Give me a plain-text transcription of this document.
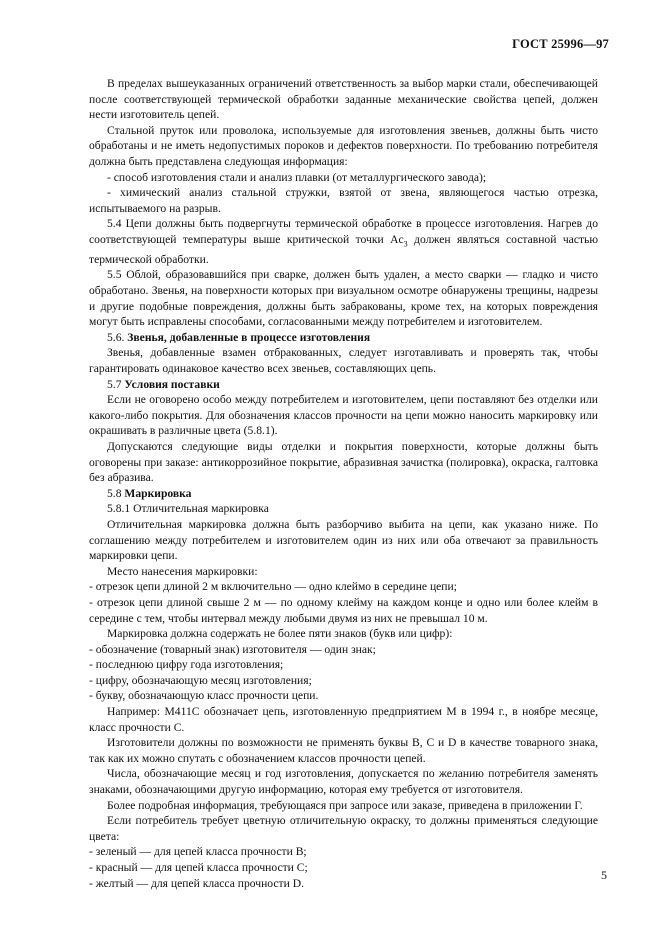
ГОСТ 25996—97

В пределах вышеуказанных ограничений ответственность за выбор марки стали, обеспечивающей после соответствующей термической обработки заданные механические свойства цепей, должен нести изготовитель цепей.

Стальной пруток или проволока, используемые для изготовления звеньев, должны быть чисто обработаны и не иметь недопустимых пороков и дефектов поверхности. По требованию потребителя должна быть представлена следующая информация:

- способ изготовления стали и анализ плавки (от металлургического завода);

- химический анализ стальной стружки, взятой от звена, являющегося частью отрезка, испытываемого на разрыв.

5.4 Цепи должны быть подвергнуты термической обработке в процессе изготовления. Нагрев до соответствующей температуры выше критической точки $Ac_3$ должен являться составной частью термической обработки.

5.5 Облой, образовавшийся при сварке, должен быть удален, а место сварки — гладко и чисто обработано. Звенья, на поверхности которых при визуальном осмотре обнаружены трещины, надрезы и другие подобные повреждения, должны быть забракованы, кроме тех, на которых повреждения могут быть исправлены способами, согласованными между потребителем и изготовителем.

5.6. Звенья, добавленные в процессе изготовления

Звенья, добавленные взамен отбракованных, следует изготавливать и проверять так, чтобы гарантировать одинаковое качество всех звеньев, составляющих цепь.

5.7 Условия поставки

Если не оговорено особо между потребителем и изготовителем, цепи поставляют без отделки или какого-либо покрытия. Для обозначения классов прочности на цепи можно наносить маркировку или окрашивать в различные цвета (5.8.1).

Допускаются следующие виды отделки и покрытия поверхности, которые должны быть оговорены при заказе: антикоррозийное покрытие, абразивная зачистка (полировка), окраска, галтовка без абразива.

5.8 Маркировка

5.8.1 Отличительная маркировка

Отличительная маркировка должна быть разборчиво выбита на цепи, как указано ниже. По соглашению между потребителем и изготовителем один из них или оба отвечают за правильность маркировки цепи.

Место нанесения маркировки:

- отрезок цепи длиной 2 м включительно — одно клеймо в середине цепи;

- отрезок цепи длиной свыше 2 м — по одному клейму на каждом конце и одно или более клейм в середине с тем, чтобы интервал между любыми двумя из них не превышал 10 м.

Маркировка должна содержать не более пяти знаков (букв или цифр):

- обозначение (товарный знак) изготовителя — один знак;

- последнюю цифру года изготовления;

- цифру, обозначающую месяц изготовления;

- букву, обозначающую класс прочности цепи.

Например: М411С обозначает цепь, изготовленную предприятием М в 1994 г., в ноябре месяце, класс прочности С.

Изготовители должны по возможности не применять буквы В, С и D в качестве товарного знака, так как их можно спутать с обозначением классов прочности цепей.

Числа, обозначающие месяц и год изготовления, допускается по желанию потребителя заменять знаками, обозначающими другую информацию, которая ему требуется от изготовителя.

Более подробная информация, требующаяся при запросе или заказе, приведена в приложении Г.

Если потребитель требует цветную отличительную окраску, то должны применяться следующие цвета:

- зеленый — для цепей класса прочности В;

- красный — для цепей класса прочности С;

- желтый — для цепей класса прочности D.

5
